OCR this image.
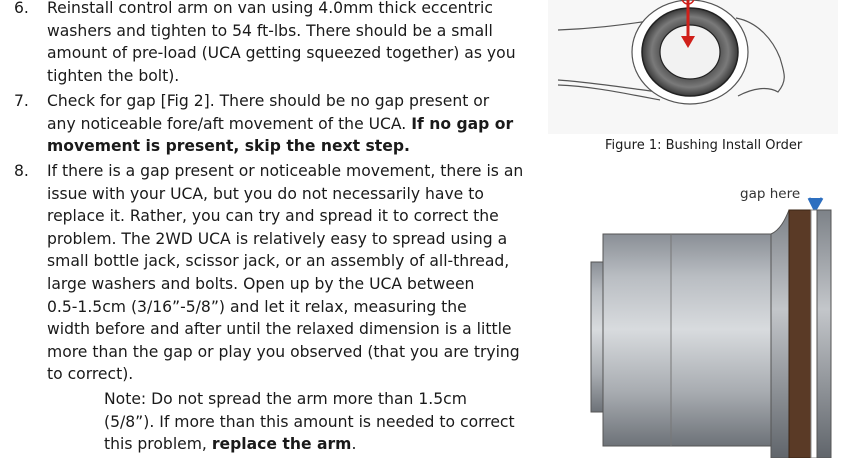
6. Reinstall control arm on van using 4.0mm thick eccentric
washers and tighten to 54 ft-lbs. There should be a small
amount of pre-load (UCA getting squeezed together) as you
tighten the bolt).
7. Check for gap [Fig 2]. There should be no gap present or
any noticeable fore/aft movement of the UCA. If no gap or
movement is present, skip the next step.
8. If there is a gap present or noticeable movement, there is an
issue with your UCA, but you do not necessarily have to
replace it. Rather, you can try and spread it to correct the
problem. The 2WD UCA is relatively easy to spread using a
small bottle jack, scissor jack, or an assembly of all-thread,
large washers and bolts. Open up by the UCA between
0.5-1.5cm (3/16”-5/8”) and let it relax, measuring the
width before and after until the relaxed dimension is a little
more than the gap or play you observed (that you are trying
to correct).
Note: Do not spread the arm more than 1.5cm
(5/8”). If more than this amount is needed to correct
this problem, replace the arm.
Figure 1: Bushing Install Order
gap here
